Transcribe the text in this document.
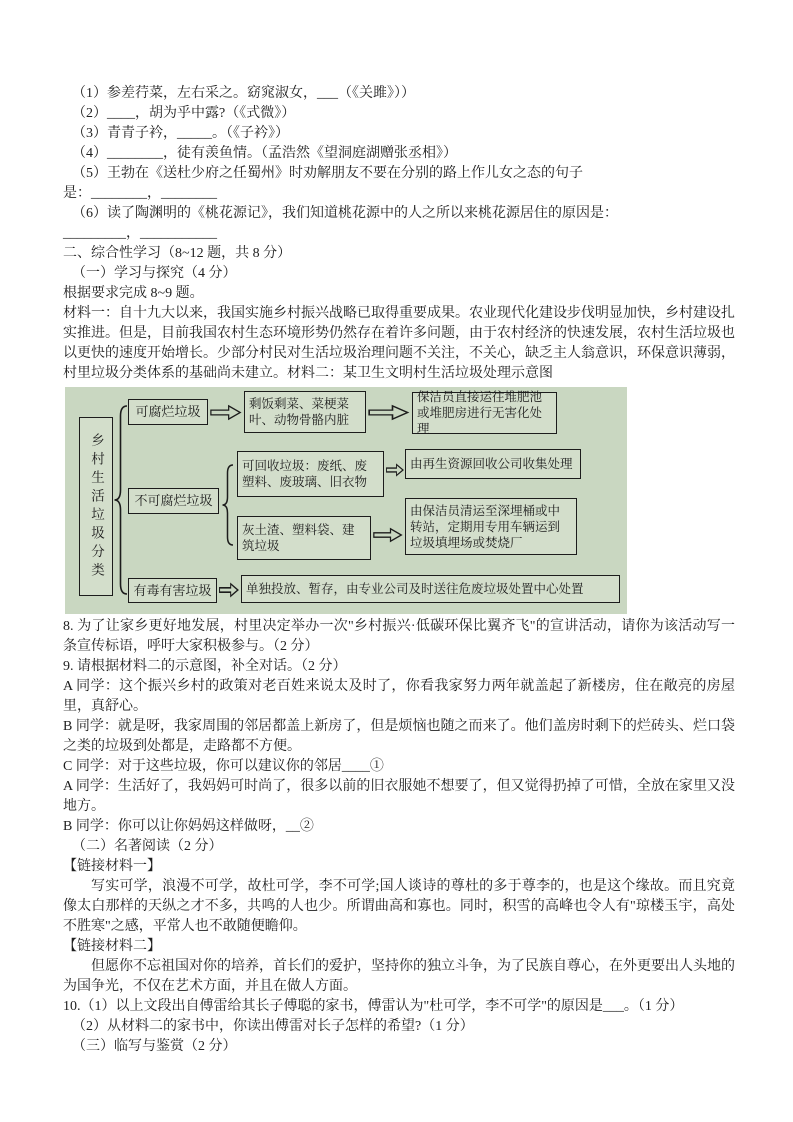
（1）参差荇菜，左右采之。窈窕淑女，___（《关雎》））

（2）____，胡为乎中露?（《式微》）

（3）青青子衿，_____。（《子衿》）

（4）________，徒有羡鱼情。（孟浩然《望洞庭湖赠张丞相》）

（5）王勃在《送杜少府之任蜀州》时劝解朋友不要在分别的路上作儿女之态的句子

是：________，________

（6）读了陶渊明的《桃花源记》，我们知道桃花源中的人之所以来桃花源居住的原因是：

_________，___________

二、综合性学习（8~12 题，共 8 分）

（一）学习与探究（4 分）

根据要求完成 8~9 题。

材料一：自十九大以来，我国实施乡村振兴战略已取得重要成果。农业现代化建设步伐明显加快，乡村建设扎实推进。但是，目前我国农村生态环境形势仍然存在着许多问题，由于农村经济的快速发展，农村生活垃圾也以更快的速度开始增长。少部分村民对生活垃圾治理问题不关注，不关心，缺乏主人翁意识，环保意识薄弱，村里垃圾分类体系的基础尚未建立。材料二：某卫生文明村生活垃圾处理示意图

乡村生活垃圾分类
可腐烂垃圾	剩饭剩菜、菜梗菜叶、动物骨骼内脏
保洁员直接运往堆肥池或堆肥房进行无害化处理
可回收垃圾：废纸、废塑料、废玻璃、旧衣物
由再生资源回收公司收集处理
不可腐烂垃圾
灰土渣、塑料袋、建筑垃圾
由保洁员清运至深埋桶或中转站，定期用专用车辆运到垃圾填埋场或焚烧厂
有毒有害垃圾	单独投放、暂存，由专业公司及时送往危废垃圾处置中心处置

8. 为了让家乡更好地发展，村里决定举办一次"乡村振兴·低碳环保比翼齐飞"的宣讲活动，请你为该活动写一条宣传标语，呼吁大家积极参与。（2 分）

9. 请根据材料二的示意图，补全对话。（2 分）

A 同学：这个振兴乡村的政策对老百姓来说太及时了，你看我家努力两年就盖起了新楼房，住在敞亮的房屋里，真舒心。

B 同学：就是呀，我家周围的邻居都盖上新房了，但是烦恼也随之而来了。他们盖房时剩下的烂砖头、烂口袋之类的垃圾到处都是，走路都不方便。

C 同学：对于这些垃圾，你可以建议你的邻居____①

A 同学：生活好了，我妈妈可时尚了，很多以前的旧衣服她不想要了，但又觉得扔掉了可惜，全放在家里又没地方。

B 同学：你可以让你妈妈这样做呀，__②

（二）名著阅读（2 分）

【链接材料一】

写实可学，浪漫不可学，故杜可学，李不可学;国人谈诗的尊杜的多于尊李的，也是这个缘故。而且究竟像太白那样的天纵之才不多，共鸣的人也少。所谓曲高和寡也。同时，积雪的高峰也令人有"琼楼玉宇，高处不胜寒"之感，平常人也不敢随便瞻仰。

【链接材料二】

但愿你不忘祖国对你的培养，首长们的爱护，坚持你的独立斗争，为了民族自尊心，在外更要出人头地的为国争光，不仅在艺术方面，并且在做人方面。

10.（1）以上文段出自傅雷给其长子傅聪的家书，傅雷认为"杜可学，李不可学"的原因是___。（1 分）

（2）从材料二的家书中，你读出傅雷对长子怎样的希望?（1 分）

（三）临写与鉴赏（2 分）
